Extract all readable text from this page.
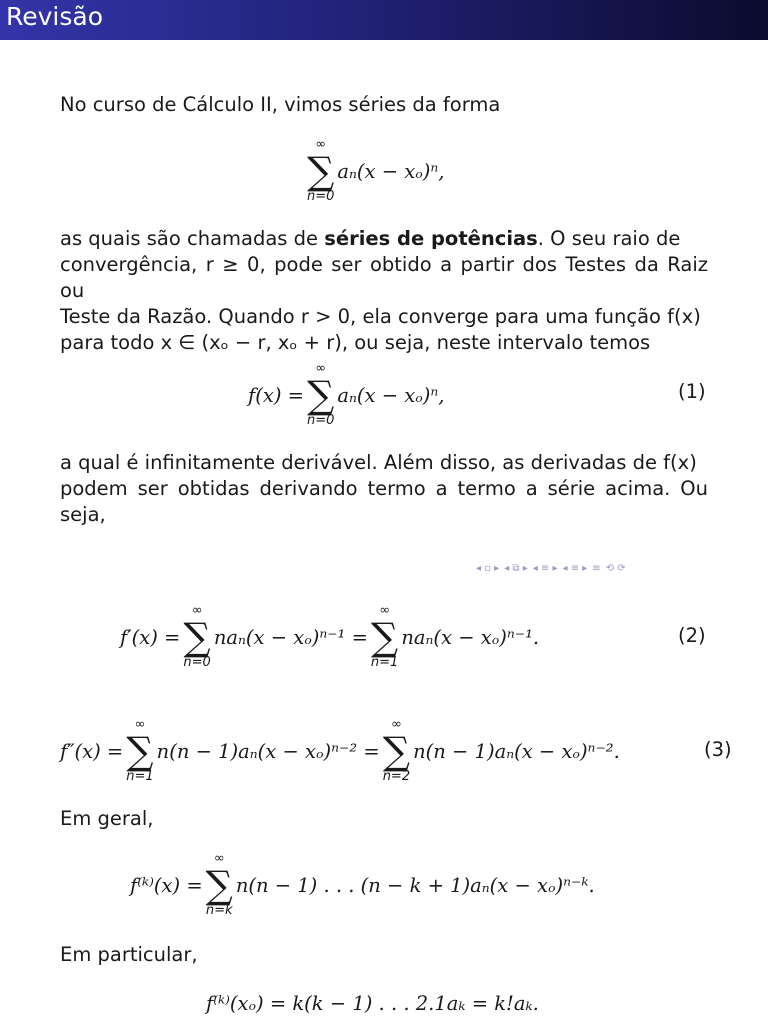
Revisão

No curso de Cálculo II, vimos séries da forma

∞
∑
n=0
aₙ(x − xₒ)ⁿ,

as quais são chamadas de séries de potências. O seu raio de
convergência, r ≥ 0, pode ser obtido a partir dos Testes da Raiz ou
Teste da Razão. Quando r > 0, ela converge para uma função f(x)
para todo x ∈ (xₒ − r, xₒ + r), ou seja, neste intervalo temos

f(x) =
∞
∑
n=0
aₙ(x − xₒ)ⁿ,	(1)

a qual é infinitamente derivável. Além disso, as derivadas de f(x)
podem ser obtidas derivando termo a termo a série acima. Ou seja,

◂ ▫ ▸ ◂ ⧉ ▸ ◂ ≡ ▸ ◂ ≡ ▸ ≡ ⟲ ⟳
f′(x) =
∞
∑
n=0
naₙ(x − xₒ)ⁿ⁻¹ =
∞
∑
n=1
naₙ(x − xₒ)ⁿ⁻¹.	(2)
f″(x) =
∞
∑
n=1
n(n − 1)aₙ(x − xₒ)ⁿ⁻² =
∞
∑
n=2
n(n − 1)aₙ(x − xₒ)ⁿ⁻².	(3)

Em geral,

f⁽ᵏ⁾(x) =
∞
∑
n=k
n(n − 1) . . . (n − k + 1)aₙ(x − xₒ)ⁿ⁻ᵏ.

Em particular,

f⁽ᵏ⁾(xₒ) = k(k − 1) . . . 2.1aₖ = k!aₖ.
